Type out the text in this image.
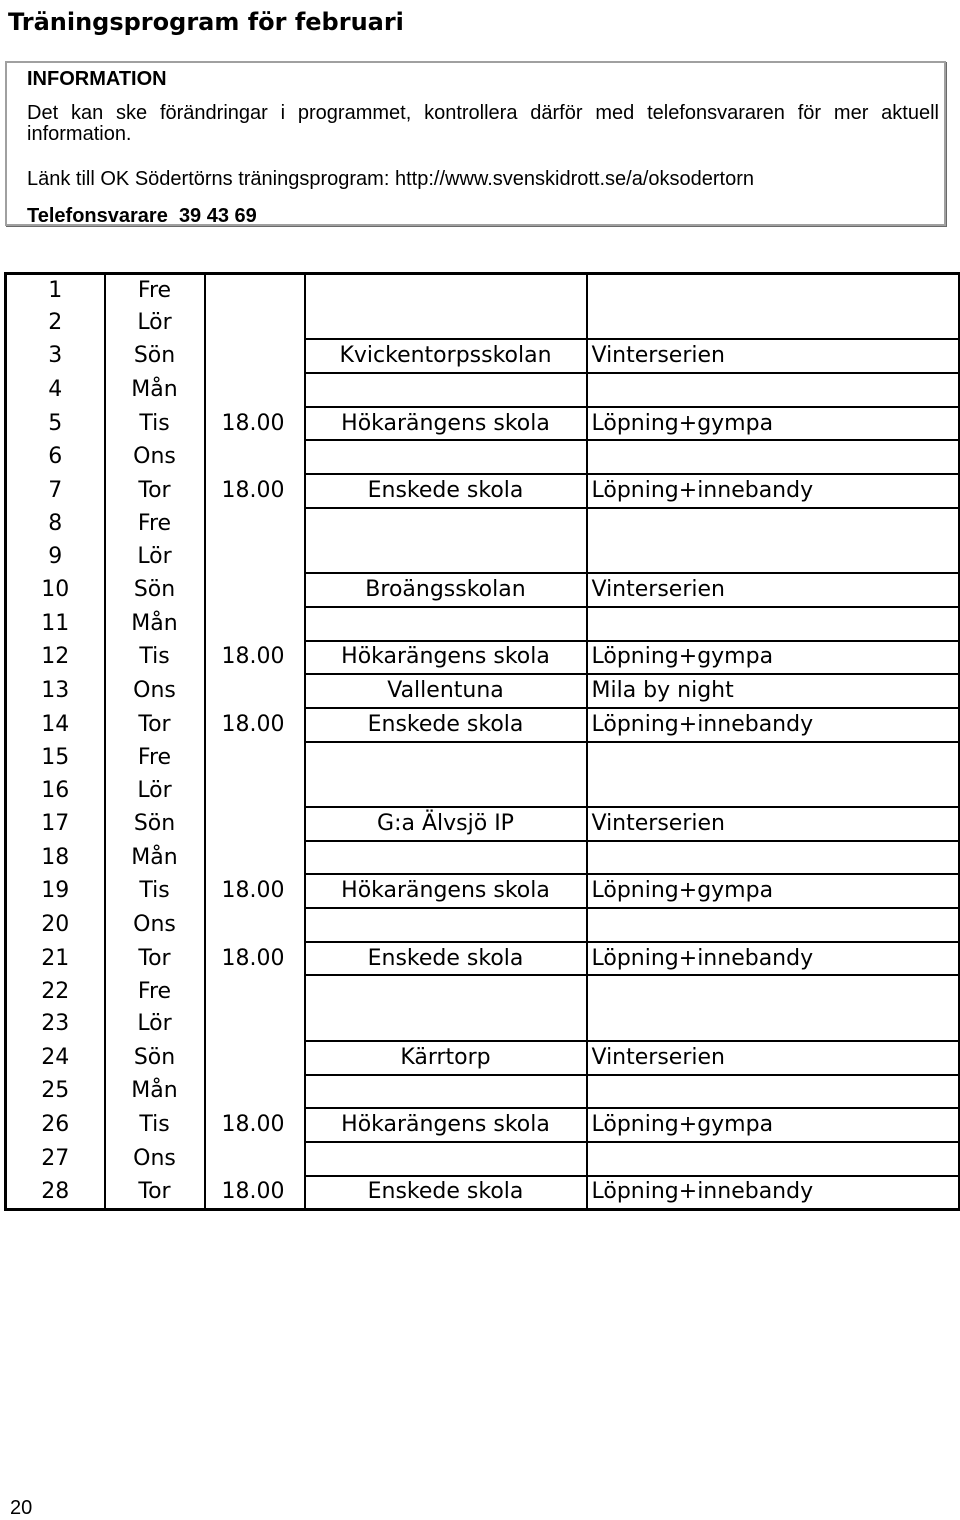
Träningsprogram för februari
INFORMATION
Det kan ske förändringar i programmet, kontrollera därför med telefonsvararen för mer aktuell information.
Länk till OK Södertörns träningsprogram: http://www.svenskidrott.se/a/oksodertorn
Telefonsvarare 39 43 69
1	Fre			
2	Lör			
3	Sön		Kvickentorpsskolan	Vinterserien
4	Mån			
5	Tis	18.00	Hökarängens skola	Löpning+gympa
6	Ons			
7	Tor	18.00	Enskede skola	Löpning+innebandy
8	Fre			
9	Lör			
10	Sön		Broängsskolan	Vinterserien
11	Mån			
12	Tis	18.00	Hökarängens skola	Löpning+gympa
13	Ons		Vallentuna	Mila by night
14	Tor	18.00	Enskede skola	Löpning+innebandy
15	Fre			
16	Lör			
17	Sön		G:a Älvsjö IP	Vinterserien
18	Mån			
19	Tis	18.00	Hökarängens skola	Löpning+gympa
20	Ons			
21	Tor	18.00	Enskede skola	Löpning+innebandy
22	Fre			
23	Lör			
24	Sön		Kärrtorp	Vinterserien
25	Mån			
26	Tis	18.00	Hökarängens skola	Löpning+gympa
27	Ons			
28	Tor	18.00	Enskede skola	Löpning+innebandy
20
